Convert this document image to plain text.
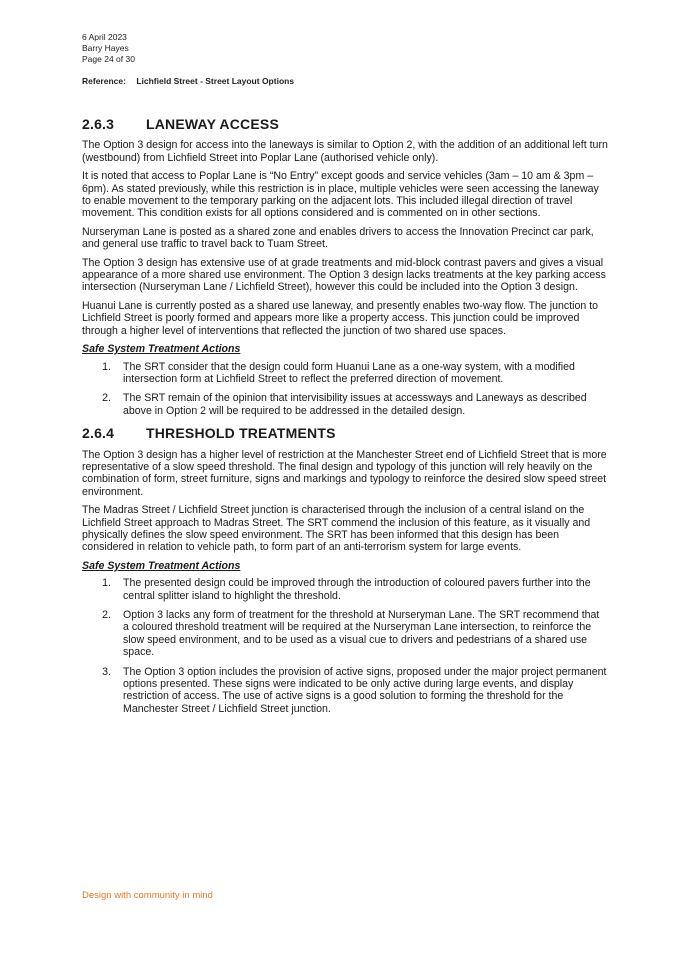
6 April 2023
Barry Hayes
Page 24 of 30
Reference: Lichfield Street - Street Layout Options
2.6.3	LANEWAY ACCESS

The Option 3 design for access into the laneways is similar to Option 2, with the addition of an additional left turn (westbound) from Lichfield Street into Poplar Lane (authorised vehicle only).

It is noted that access to Poplar Lane is “No Entry” except goods and service vehicles (3am – 10 am & 3pm – 6pm). As stated previously, while this restriction is in place, multiple vehicles were seen accessing the laneway to enable movement to the temporary parking on the adjacent lots. This included illegal direction of travel movement. This condition exists for all options considered and is commented on in other sections.

Nurseryman Lane is posted as a shared zone and enables drivers to access the Innovation Precinct car park, and general use traffic to travel back to Tuam Street.

The Option 3 design has extensive use of at grade treatments and mid-block contrast pavers and gives a visual appearance of a more shared use environment. The Option 3 design lacks treatments at the key parking access intersection (Nurseryman Lane / Lichfield Street), however this could be included into the Option 3 design.

Huanui Lane is currently posted as a shared use laneway, and presently enables two-way flow. The junction to Lichfield Street is poorly formed and appears more like a property access. This junction could be improved through a higher level of interventions that reflected the junction of two shared use spaces.

Safe System Treatment Actions
1.	The SRT consider that the design could form Huanui Lane as a one-way system, with a modified intersection form at Lichfield Street to reflect the preferred direction of movement.
2.	The SRT remain of the opinion that intervisibility issues at accessways and Laneways as described above in Option 2 will be required to be addressed in the detailed design.
2.6.4	THRESHOLD TREATMENTS

The Option 3 design has a higher level of restriction at the Manchester Street end of Lichfield Street that is more representative of a slow speed threshold. The final design and typology of this junction will rely heavily on the combination of form, street furniture, signs and markings and typology to reinforce the desired slow speed street environment.

The Madras Street / Lichfield Street junction is characterised through the inclusion of a central island on the Lichfield Street approach to Madras Street. The SRT commend the inclusion of this feature, as it visually and physically defines the slow speed environment. The SRT has been informed that this design has been considered in relation to vehicle path, to form part of an anti-terrorism system for large events.

Safe System Treatment Actions
1.	The presented design could be improved through the introduction of coloured pavers further into the central splitter island to highlight the threshold.
2.	Option 3 lacks any form of treatment for the threshold at Nurseryman Lane. The SRT recommend that a coloured threshold treatment will be required at the Nurseryman Lane intersection, to reinforce the slow speed environment, and to be used as a visual cue to drivers and pedestrians of a shared use space.
3.	The Option 3 option includes the provision of active signs, proposed under the major project permanent options presented. These signs were indicated to be only active during large events, and display restriction of access. The use of active signs is a good solution to forming the threshold for the Manchester Street / Lichfield Street junction.
Design with community in mind
